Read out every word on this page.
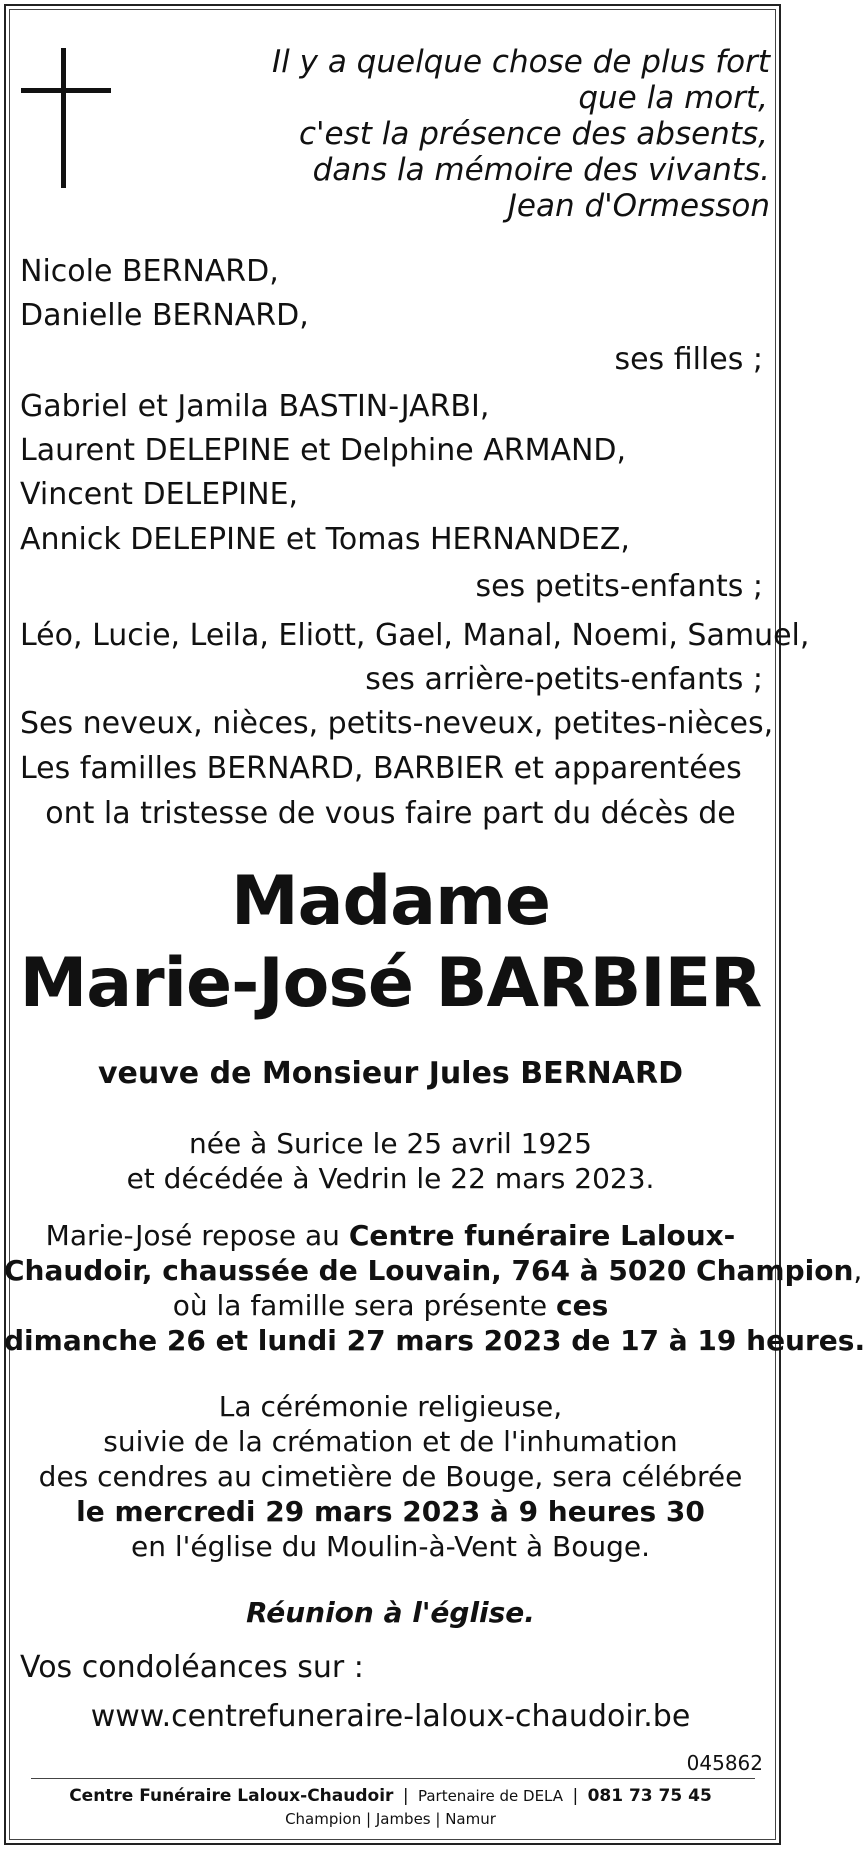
Il y a quelque chose de plus fort
que la mort,
c'est la présence des absents,
dans la mémoire des vivants.
Jean d'Ormesson
Nicole BERNARD,
Danielle BERNARD,
ses filles ;
Gabriel et Jamila BASTIN-JARBI,
Laurent DELEPINE et Delphine ARMAND,
Vincent DELEPINE,
Annick DELEPINE et Tomas HERNANDEZ,
ses petits-enfants ;
Léo, Lucie, Leila, Eliott, Gael, Manal, Noemi, Samuel,
ses arrière-petits-enfants ;
Ses neveux, nièces, petits-neveux, petites-nièces,
Les familles BERNARD, BARBIER et apparentées
ont la tristesse de vous faire part du décès de
Madame
Marie-José BARBIER
veuve de Monsieur Jules BERNARD
née à Surice le 25 avril 1925
et décédée à Vedrin le 22 mars 2023.
Marie-José repose au Centre funéraire Laloux-
Chaudoir, chaussée de Louvain, 764 à 5020 Champion,
où la famille sera présente ces
dimanche 26 et lundi 27 mars 2023 de 17 à 19 heures.
La cérémonie religieuse,
suivie de la crémation et de l'inhumation
des cendres au cimetière de Bouge, sera célébrée
le mercredi 29 mars 2023 à 9 heures 30
en l'église du Moulin-à-Vent à Bouge.
Réunion à l'église.
Vos condoléances sur :
www.centrefuneraire-laloux-chaudoir.be
045862
Centre Funéraire Laloux-Chaudoir | Partenaire de DELA | 081 73 75 45
Champion | Jambes | Namur
